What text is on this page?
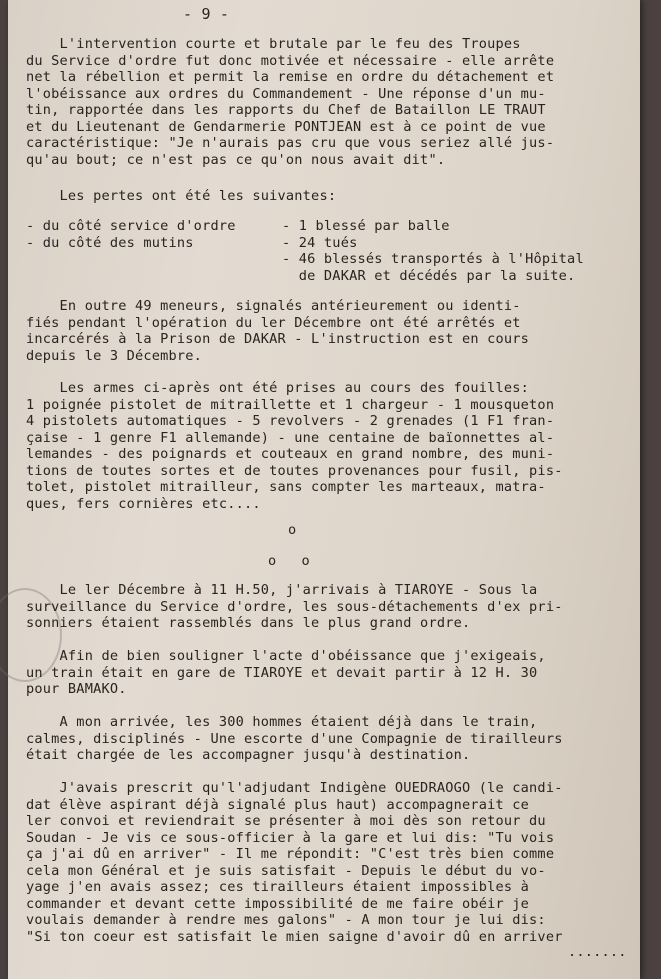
- 9 -
L'intervention courte et brutale par le feu des Troupes
du Service d'ordre fut donc motivée et nécessaire - elle arrête
net la rébellion et permit la remise en ordre du détachement et
l'obéissance aux ordres du Commandement - Une réponse d'un mu-
tin, rapportée dans les rapports du Chef de Bataillon LE TRAUT
et du Lieutenant de Gendarmerie PONTJEAN est à ce point de vue
caractéristique: "Je n'aurais pas cru que vous seriez allé jus-
qu'au bout; ce n'est pas ce qu'on nous avait dit".
Les pertes ont été les suivantes:
- du côté service d'ordre	- 1 blessé par balle
- du côté des mutins	- 24 tués
- 46 blessés transportés à l'Hôpital
de DAKAR et décédés par la suite.
En outre 49 meneurs, signalés antérieurement ou identi-
fiés pendant l'opération du ler Décembre ont été arrêtés et
incarcérés à la Prison de DAKAR - L'instruction est en cours
depuis le 3 Décembre.
Les armes ci-après ont été prises au cours des fouilles:
1 poignée pistolet de mitraillette et 1 chargeur - 1 mousqueton
4 pistolets automatiques - 5 revolvers - 2 grenades (1 F1 fran-
çaise - 1 genre F1 allemande) - une centaine de baïonnettes al-
lemandes - des poignards et couteaux en grand nombre, des muni-
tions de toutes sortes et de toutes provenances pour fusil, pis-
tolet, pistolet mitrailleur, sans compter les marteaux, matra-
ques, fers cornières etc....
o
o   o
Le ler Décembre à 11 H.50, j'arrivais à TIAROYE - Sous la
surveillance du Service d'ordre, les sous-détachements d'ex pri-
sonniers étaient rassemblés dans le plus grand ordre.
Afin de bien souligner l'acte d'obéissance que j'exigeais,
un train était en gare de TIAROYE et devait partir à 12 H. 30
pour BAMAKO.
A mon arrivée, les 300 hommes étaient déjà dans le train,
calmes, disciplinés - Une escorte d'une Compagnie de tirailleurs
était chargée de les accompagner jusqu'à destination.
J'avais prescrit qu'l'adjudant Indigène OUEDRAOGO (le candi-
dat élève aspirant déjà signalé plus haut) accompagnerait ce
ler convoi et reviendrait se présenter à moi dès son retour du
Soudan - Je vis ce sous-officier à la gare et lui dis: "Tu vois
ça j'ai dû en arriver" - Il me répondit: "C'est très bien comme
cela mon Général et je suis satisfait - Depuis le début du vo-
yage j'en avais assez; ces tirailleurs étaient impossibles à
commander et devant cette impossibilité de me faire obéir je
voulais demander à rendre mes galons" - A mon tour je lui dis:
"Si ton coeur est satisfait le mien saigne d'avoir dû en arriver
.......
